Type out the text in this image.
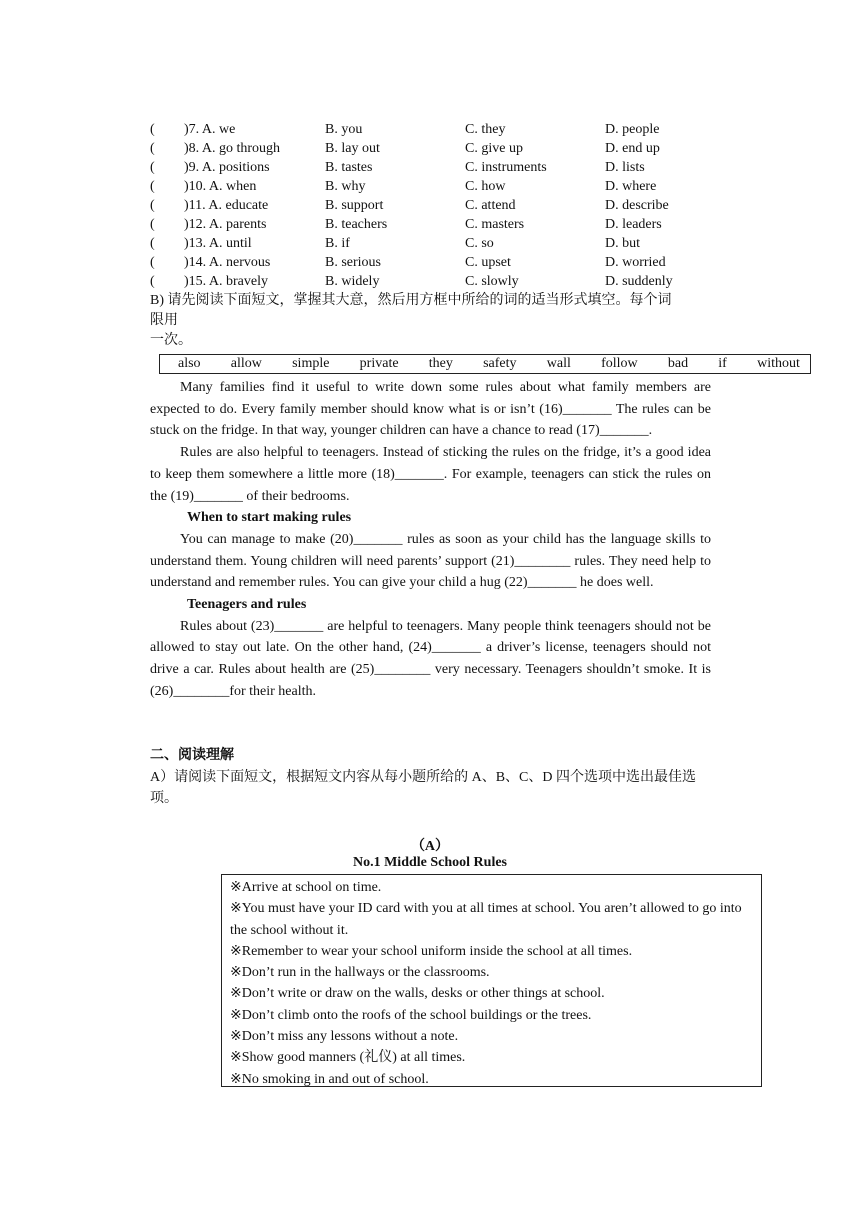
(	)7. A. we	B. you	C. they	D. people
(	)8. A. go through	B. lay out	C. give up	D. end up
(	)9. A. positions	B. tastes	C. instruments	D. lists
(	)10. A. when	B. why	C. how	D. where
(	)11. A. educate	B. support	C. attend	D. describe
(	)12. A. parents	B. teachers	C. masters	D. leaders
(	)13. A. until	B. if	C. so	D. but
(	)14. A. nervous	B. serious	C. upset	D. worried
(	)15. A. bravely	B. widely	C. slowly	D. suddenly
B) 请先阅读下面短文，掌握其大意，然后用方框中所给的词的适当形式填空。每个词
限用
一次。
also allow simple private they safety wall follow bad if without

Many families find it useful to write down some rules about what family members are expected to do. Every family member should know what is or isn’t (16)_______ The rules can be stuck on the fridge. In that way, younger children can have a chance to read (17)_______.

Rules are also helpful to teenagers. Instead of sticking the rules on the fridge, it’s a good idea to keep them somewhere a little more (18)_______. For example, teenagers can stick the rules on the (19)_______ of their bedrooms.

When to start making rules

You can manage to make (20)_______ rules as soon as your child has the language skills to understand them. Young children will need parents’ support (21)________ rules. They need help to understand and remember rules. You can give your child a hug (22)_______ he does well.

Teenagers and rules

Rules about (23)_______ are helpful to teenagers. Many people think teenagers should not be allowed to stay out late. On the other hand, (24)_______ a driver’s license, teenagers should not drive a car. Rules about health are (25)________ very necessary. Teenagers shouldn’t smoke. It is (26)________for their health.

二、阅读理解
A）请阅读下面短文，根据短文内容从每小题所给的 A、B、C、D 四个选项中选出最佳选项。
（A）
No.1 Middle School Rules
※Arrive at school on time.
※You must have your ID card with you at all times at school. You aren’t allowed to go into the school without it.
※Remember to wear your school uniform inside the school at all times.
※Don’t run in the hallways or the classrooms.
※Don’t write or draw on the walls, desks or other things at school.
※Don’t climb onto the roofs of the school buildings or the trees.
※Don’t miss any lessons without a note.
※Show good manners (礼仪) at all times.
※No smoking in and out of school.
